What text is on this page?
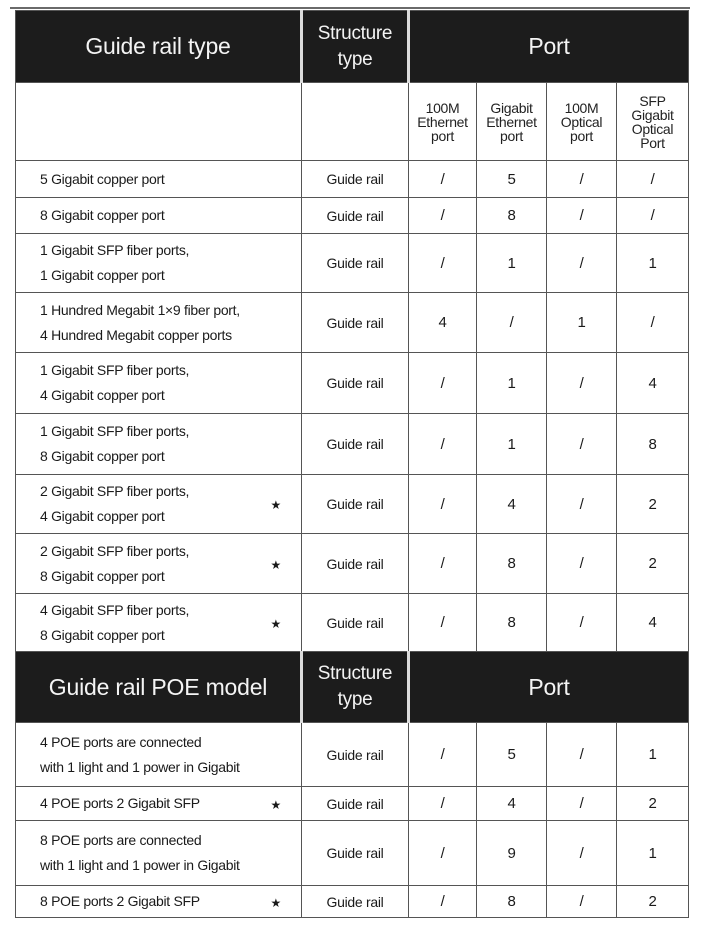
Guide rail type	Structure type	Port			

		100M Ethernet port	Gigabit Ethernet port	100M Optical port	SFP Gigabit Optical Port

5 Gigabit copper port	Guide rail	/	5	/	/

8 Gigabit copper port	Guide rail	/	8	/	/

1 Gigabit SFP fiber ports,
1 Gigabit copper port	Guide rail	/	1	/	1

1 Hundred Megabit 1×9 fiber port,
4 Hundred Megabit copper ports	Guide rail	4	/	1	/

1 Gigabit SFP fiber ports,
4 Gigabit copper port	Guide rail	/	1	/	4

1 Gigabit SFP fiber ports,
8 Gigabit copper port	Guide rail	/	1	/	8

2 Gigabit SFP fiber ports,
4 Gigabit copper port
★	Guide rail	/	4	/	2

2 Gigabit SFP fiber ports,
8 Gigabit copper port
★	Guide rail	/	8	/	2

4 Gigabit SFP fiber ports,
8 Gigabit copper port
★	Guide rail	/	8	/	4
Guide rail POE model	Structure type	Port			

4 POE ports are connected
with 1 light and 1 power in Gigabit	Guide rail	/	5	/	1

4 POE ports 2 Gigabit SFP ★	Guide rail	/	4	/	2

8 POE ports are connected
with 1 light and 1 power in Gigabit	Guide rail	/	9	/	1

8 POE ports 2 Gigabit SFP ★	Guide rail	/	8	/	2
